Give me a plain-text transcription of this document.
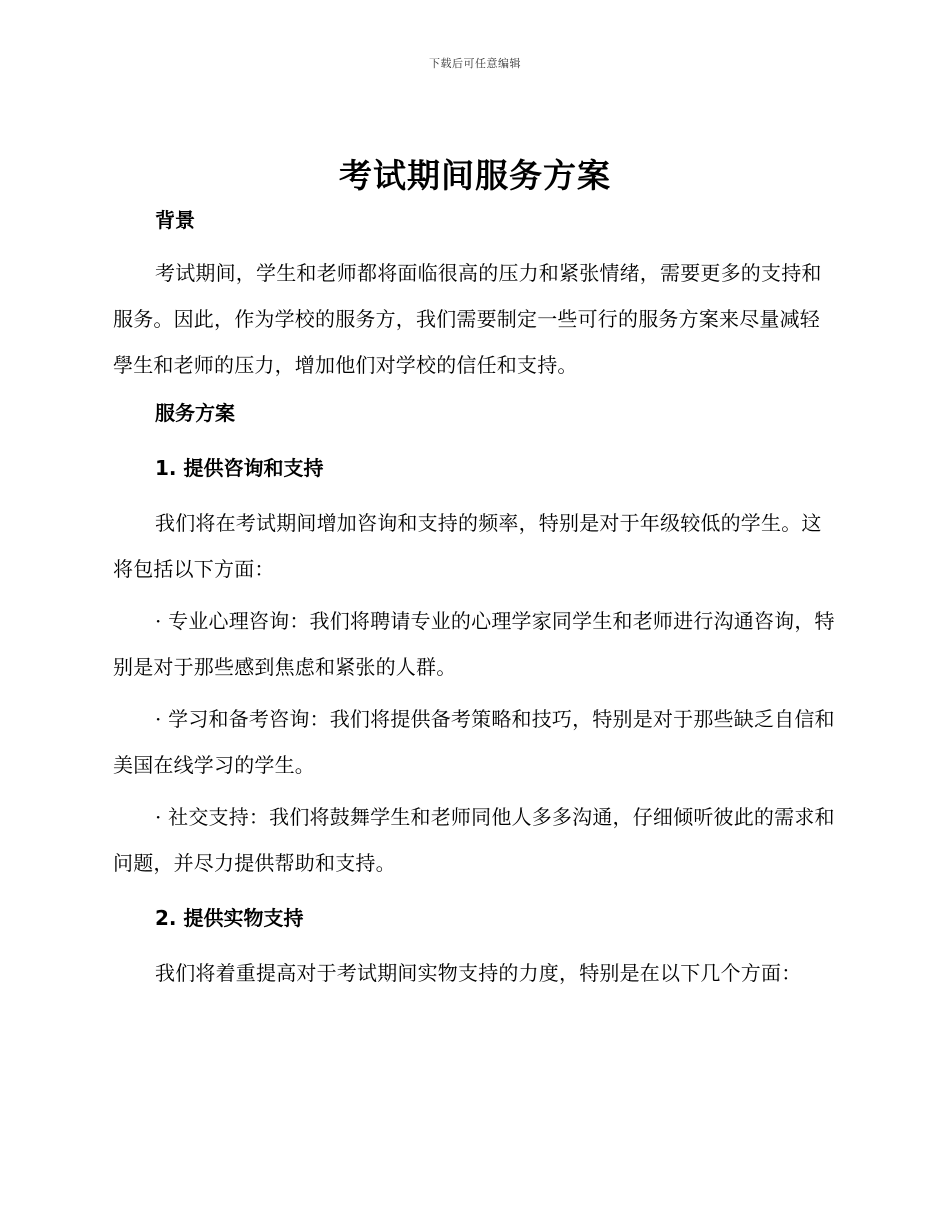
下载后可任意编辑
考试期间服务方案
背景

考试期间，学生和老师都将面临很高的压力和紧张情绪，需要更多的支持和服务。因此，作为学校的服务方，我们需要制定一些可行的服务方案来尽量减轻學生和老师的压力，增加他们对学校的信任和支持。

服务方案
1. 提供咨询和支持

我们将在考试期间增加咨询和支持的频率，特别是对于年级较低的学生。这将包括以下方面：

· 专业心理咨询：我们将聘请专业的心理学家同学生和老师进行沟通咨询，特别是对于那些感到焦虑和紧张的人群。

· 学习和备考咨询：我们将提供备考策略和技巧，特别是对于那些缺乏自信和美国在线学习的学生。

· 社交支持：我们将鼓舞学生和老师同他人多多沟通，仔细倾听彼此的需求和问题，并尽力提供帮助和支持。

2. 提供实物支持

我们将着重提高对于考试期间实物支持的力度，特别是在以下几个方面：
